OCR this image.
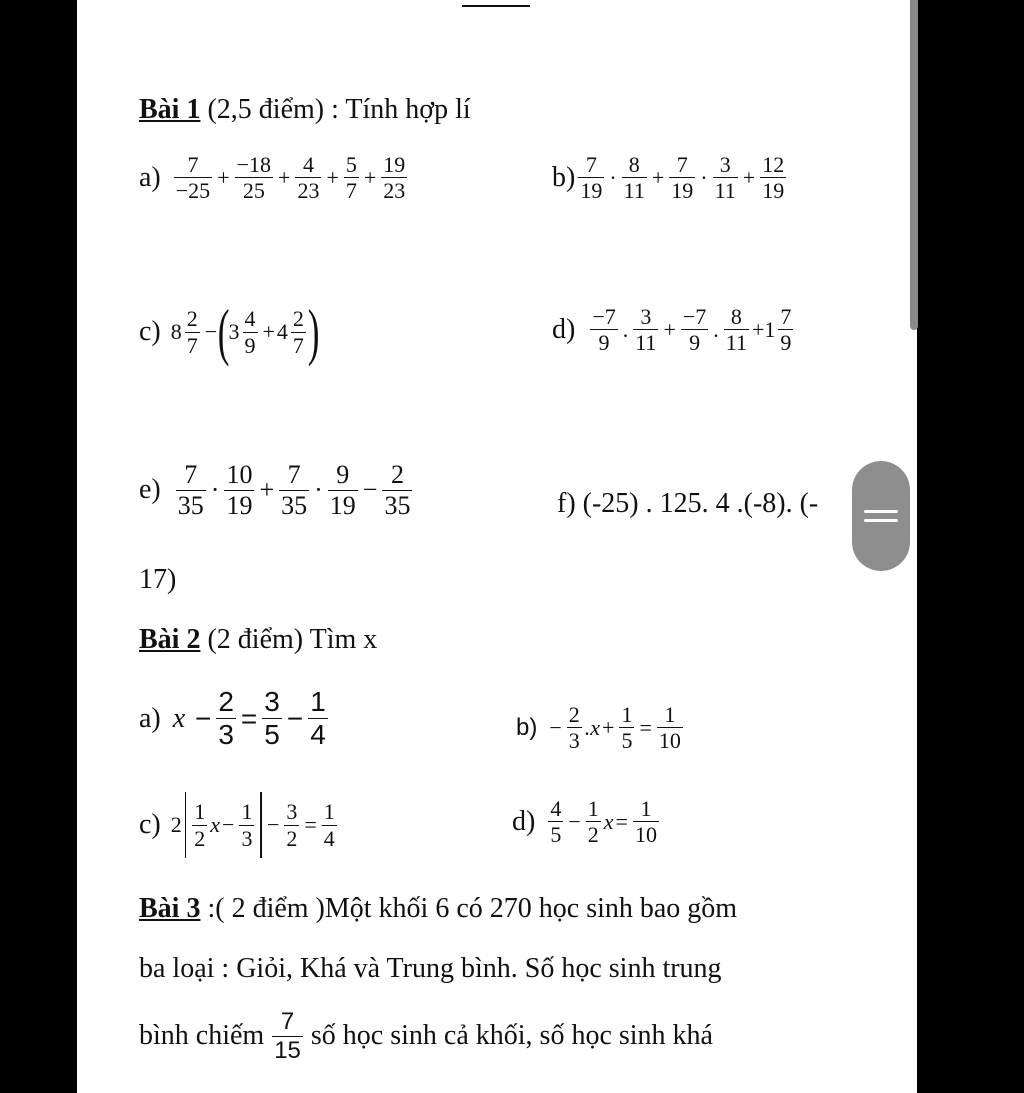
Bài 1 (2,5 điểm) : Tính hợp lí
$a) \frac{7}{-25} + \frac{-18}{25} + \frac{4}{23} + \frac{5}{7} + \frac{19}{23}$	$b) \frac{7}{19} \cdot \frac{8}{11} + \frac{7}{19} \cdot \frac{3}{11} + \frac{12}{19}$
c) $8 \frac{2}{7}$ − (
$3 \frac{4}{9} + 4 \frac{2}{7}$ )	$d) \frac{-7}{9}$ . $\frac{3}{11} + \frac{-7}{9}$ . $\frac{8}{11} +1 \frac{7}{9}$
$e) \frac{7}{35} \cdot \frac{10}{19} + \frac{7}{35} \cdot \frac{9}{19} - \frac{2}{35}$	f) (-25) . 125. 4 .(-8). (-
17)
Bài 2 (2 điểm) Tìm x
a) $x - \frac{2}{3} = \frac{3}{5} - \frac{1}{4}$	$b) - \frac{2}{3} .x + \frac{1}{5} = \frac{1}{10}$
c) $2 \frac{1}{2}$ $x - \frac{1}{3} - \frac{3}{2} = \frac{1}{4}$	$d) \frac{4}{5} - \frac{1}{2}$ $x = \frac{1}{10}$
Bài 3 :( 2 điểm )Một khối 6 có 270 học sinh bao gồm
ba loại : Giỏi, Khá và Trung bình. Số học sinh trung
bình chiếm $\frac{7}{15}$ số học sinh cả khối, số học sinh khá
